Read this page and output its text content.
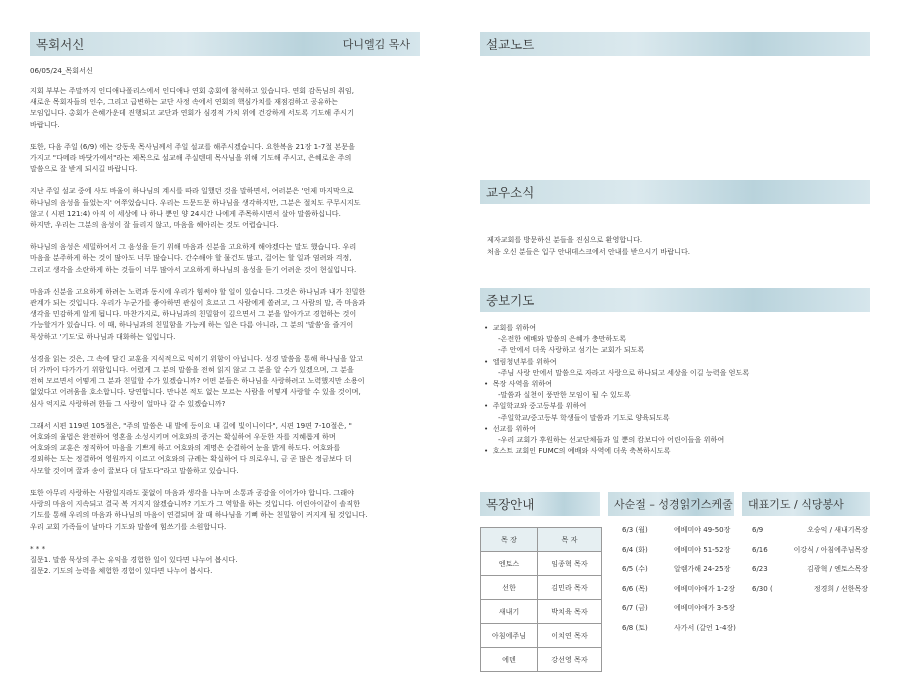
목회서신	다니엘김 목사
06/05/24_목회서신
지회 부부는 주말까지 인디애나폴리스에서 인디애나 연회 총회에 참석하고 있습니다. 연회 감독님의 취임,
새로운 목회자들의 인수, 그리고 급변하는 교단 사정 속에서 연회의 핵심가치를 재점검하고 공유하는
모임입니다. 총회가 은혜가운데 진행되고 교단과 연회가 심경적 가치 위에 건강하게 서도록 기도해 주시기
바랍니다.
또한, 다음 주일 (6/9) 에는 강동욱 목사님께서 주일 설교를 해주시겠습니다. 요한복음 21장 1-7절 본문을
가지고 "다메라 바닷가에서"라는 제목으로 설교해 주실텐데 목사님을 위해 기도해 주시고, 은혜로운 주의
말씀으로 잘 받게 되시길 바랍니다.
지난 주일 설교 중에 사도 바울이 하나님의 계시를 따라 일했던 것을 말하면서, 여러분은 '언제 마지막으로
하나님의 음성을 들었는지' 여쭈었습니다. 우리는 드문드문 하나님을 생각하지만, 그분은 절치도 쿠무시지도
않고 ( 시편 121:4) 아직 이 세상에 나 하나 뿐인 양 24시간 나에게 주목하시면서 살아 말씀하십니다.
하지만, 우리는 그분의 음성이 잘 들리지 않고, 마음을 헤아리는 것도 어렵습니다.
하나님의 음성은 세밀하여서 그 음성을 듣기 위해 마음과 신분을 고요하게 해야겠다는 말도 했습니다. 우리
마음을 분주하게 하는 것이 많아도 너무 많습니다. 간수해야 할 물건도 많고, 걸어는 할 일과 염려와 걱정,
그리고 생각을 소란하게 하는 것들이 너무 많아서 고요하게 하나님의 음성을 듣기 어려운 것이 현실입니다.
마음과 신분을 고요하게 하려는 노력과 동시에 우리가 힘써야 할 일이 있습니다. 그것은 하나님과 내가 친밀한
관계가 되는 것입니다. 우리가 누군가를 좋아하면 관심이 흐르고 그 사람에게 쏠려고, 그 사람의 말, 즉 마음과
생각을 민감하게 알게 됩니다. 마찬가지로, 하나님과의 친밀함이 깊으면서 그 분을 알아가고 경험하는 것이
가능할거가 있습니다. 이 때, 하나님과의 친밀함을 가능케 하는 일은 다름 아니라, 그 분의 '말씀'을 즐거이
묵상하고 '기도'로 하나님과 대화하는 일입니다.
성경을 읽는 것은, 그 속에 담긴 교훈을 지식적으로 익히기 위함이 아닙니다. 성경 말씀을 통해 하나님을 알고
더 가까이 다가가기 위함입니다. 어렸게 그 분의 말씀을 전혀 읽지 않고 그 분을 알 수가 있겠으며, 그 분을
전혀 모르면서 어떻게 그 분과 친밀할 수가 있겠습니까? 어떤 분들은 하나님을 사랑하려고 노력했지만 소용이
없었다고 어려움을 호소합니다. 당연합니다. 만나본 적도 없는 모르는 사람을 어떻게 사랑할 수 있을 것이며,
심사 억지로 사랑하려 한들 그 사랑이 얼마나 갈 수 있겠습니까?
그래서 시편 119편 105절은, "주의 말씀은 내 발에 등이요 내 길에 빛이니이다", 시편 19편 7-10절은, "
여호와의 율법은 완전하여 영혼을 소성시키며 여호와의 증거는 확실하여 우둔한 자를 지혜롭게 하며
여호와의 교훈은 정직하여 마음을 기쁘게 하고 여호와의 계명은 순결하여 눈을 밝게 하도다. 여호와를
경외하는 도는 정결하여 영원까지 이르고 여호와의 규례는 확실하여 다 의로우니, 금 곧 많은 정금보다 더
사모할 것이며 꿀과 송이 꿀보다 더 달도다"라고 말씀하고 있습니다.
또한 아무리 사랑하는 사람일지라도 꽃없이 마음과 생각을 나누며 소통과 공감을 이어가야 합니다. 그래야
사랑의 마음이 지속되고 결국 복 거지지 않겠습니까? 기도가 그 역할을 하는 것입니다. 어린아이같이 솔직한
기도를 통해 우리의 마음과 하나님의 마음이 연결되며 잘 때 하나님을 기뻐 하는 친밀함이 커지게 될 것입니다.
우리 교회 가족들이 날마다 기도와 말씀에 힘쓰기를 소원합니다.
* * *
질문1. 말씀 묵상의 주는 유익을 경험한 일이 있다면 나누어 봅시다.
질문2. 기도의 능력을 체험한 경험이 있다면 나누어 봅시다.
설교노트
교우소식

제자교회를 방문하신 분들을 진심으로 환영합니다.
처음 오신 분들은 입구 안내데스크에서 안내를 받으시기 바랍니다.

중보기도
•  교회를 위하여
-온전한 예배와 말씀의 은혜가 충만하도록
-주 안에서 더욱 사랑하고 섬기는 교회가 되도록
•  엘림청년부를 위하여
-주님 사랑 안에서 말씀으로 자라고 사랑으로 하나되고 세상을 이길 능력을 얻도록
•  목장 사역을 위하여
-말씀과 실천이 풍만한 모임이 될 수 있도록
•  주일학교와 중고등부를 위하여
-주일학교/중고등부 학생들이 말씀과 기도로 양육되도록
•  선교를 위하여
-우리 교회가 후원하는 선교단체들과 일 뿐의 캄보디아 어린이들을 위하여
•  호스트 교회인 FUMC의 예배와 사역에 더욱 축복하시도록
목장안내	사순절 – 성경읽기스케줄 대표기도 / 식당봉사
목 장	목 자
엔토스	임종혁 목자
선한	김민라 목자
새내기	박치육 목자
아침에주님	이치연 목자
에덴	강선영 목자
6/3 (월)	에베미야 49-50장
6/4 (화)	에베미야 51-52장
6/5 (수)	알렘가해 24-25장
6/6 (목)	에베미야애가 1-2장
6/7 (금)	에베미야애가 3-5장
6/8 (토)	사가서 (갈언 1-4장)
6/9	오승익 / 새내기목장
6/16	이강식 / 아침에주님목장
6/23	김광혁 / 엔토스목장
6/30 (	정경희 / 선한목장
